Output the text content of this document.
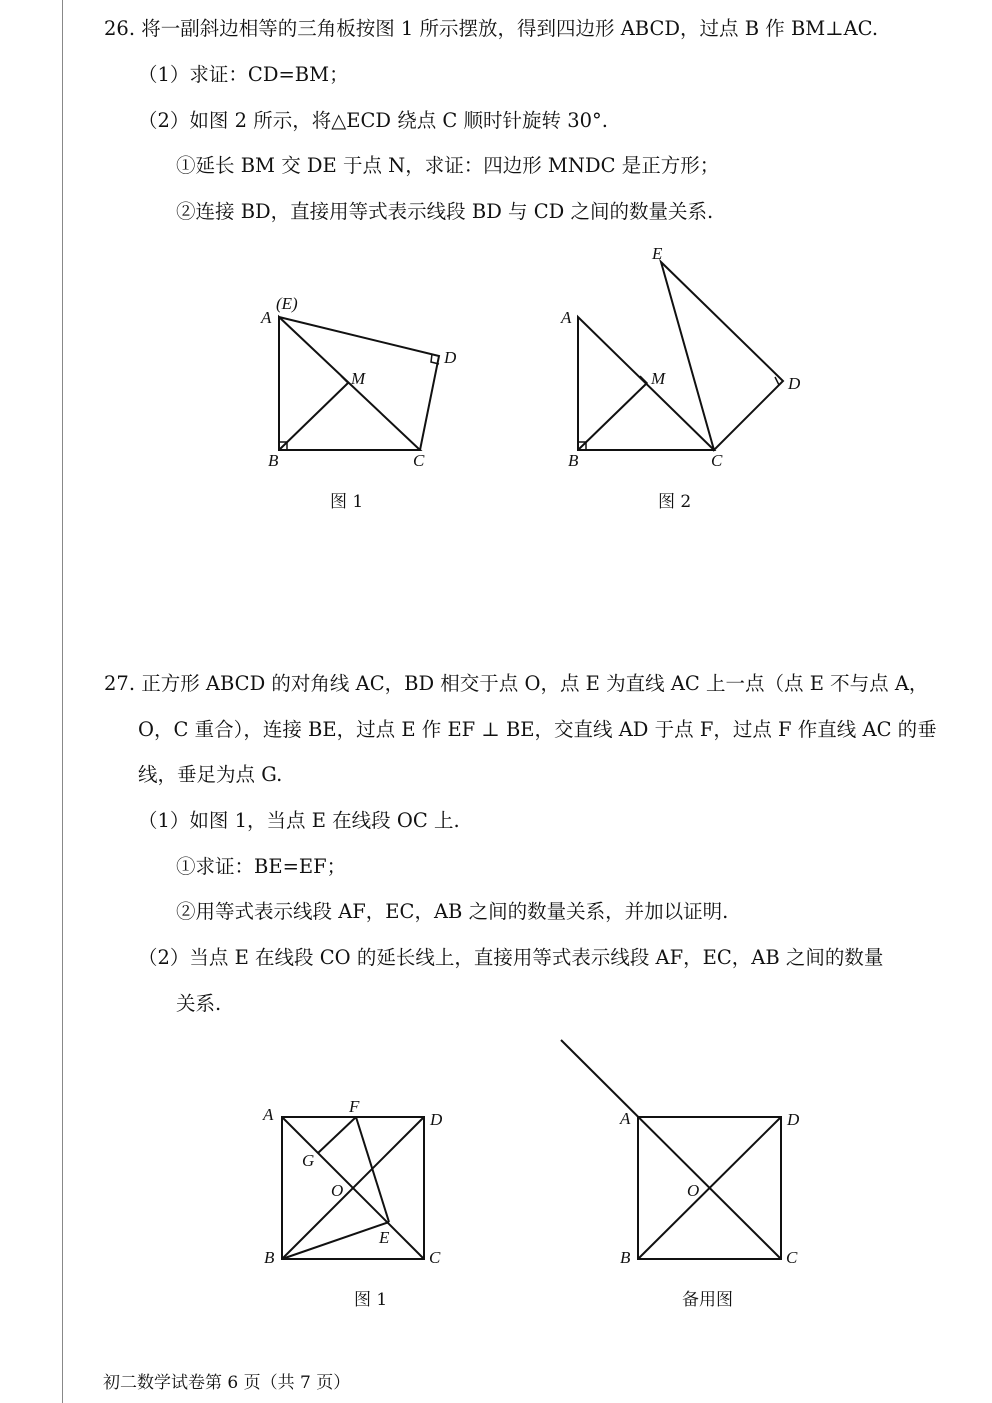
26. 将一副斜边相等的三角板按图 1 所示摆放，得到四边形 ABCD，过点 B 作 BM⊥AC.
（1）求证：CD=BM；
（2）如图 2 所示，将△ECD 绕点 C 顺时针旋转 30°.
①延长 BM 交 DE 于点 N，求证：四边形 MNDC 是正方形；
②连接 BD，直接用等式表示线段 BD 与 CD 之间的数量关系.
A
(E)
D
M
B	C
图 1
A
E
D
M
B	C
图 2
27. 正方形 ABCD 的对角线 AC，BD 相交于点 O，点 E 为直线 AC 上一点（点 E 不与点 A，
O，C 重合），连接 BE，过点 E 作 EF ⊥ BE，交直线 AD 于点 F，过点 F 作直线 AC 的垂
线，垂足为点 G.
（1）如图 1，当点 E 在线段 OC 上.
①求证：BE=EF；
②用等式表示线段 AF，EC，AB 之间的数量关系，并加以证明.
（2）当点 E 在线段 CO 的延长线上，直接用等式表示线段 AF，EC，AB 之间的数量
关系.
A	F
D
G
O
E
B	C
图 1
A	D
O
B	C
备用图
初二数学试卷第 6 页（共 7 页）
